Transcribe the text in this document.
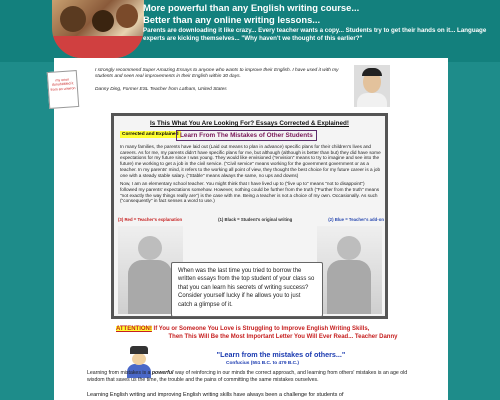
More powerful than any English writing course...
Better than any online writing lessons...
Parents are downloading it like crazy... Every teacher wants a copy... Students try to get their hands on it... Language experts are kicking themselves... "Why haven't we thought of this earlier?"
my orion dunuhidded it from an unwron
I strongly recommend Super Amazing Essays to anyone who wants to improve their English. I have used it with my students and seen real improvements in their English within 30 days.
Danny Ding, Former ESL Teacher from Latham, United States
Is This What You Are Looking For? Essays Corrected & Explained!
Corrected and Explained Learn From The Mistakes of Other Students

In many families, the parents have laid out (Laid out means to plan in advance) specific plans for their children's lives and careers. As for me, my parents didn't have specific plans for me, but although (although is better than but) they did have some expectations for my future since I was young. They would like envisioned ("envision" means to try to imagine and see into the future) me working to get a job in the civil service. ("Civil service" means working for the government government or as a teacher. In my parents' mind, it refers to the working all point of view, they thought the best choice for my future career is a job one with a steady stable salary. ("Stable" means always the same, no ups and downs)

Now, I am an elementary school teacher. You might think that I have lived up to ("live up to" means "not to disappoint") followed my parents' expectations somehow. However, nothing could be further from the truth ("Further from the truth" means "not exactly the way things really are") is the case with me. Being a teacher is not a choice of my own. Occasionally. As such ("consequently" in fact senses a word to use.)

(3) Red = Teacher's explanation	(1) Black = Student's original writing	(2) Blue = Teacher's add-on
When was the last time you tried to borrow the written essays from the top student of your class so that you can learn his secrets of writing success? Consider yourself lucky if he allows you to just catch a glimpse of it.
ATTENTION! If You or Someone You Love is Struggling to Improve English Writing Skills,
Then This Will Be the Most Important Letter You Will Ever Read... Teacher Danny
"Learn from the mistakes of others..."
Confucius (551 B.C. to 479 B.C.)
Learning from mistakes is a powerful way of reinforcing in our minds the correct approach, and learning from others' mistakes is an age old wisdom that saves us the time, the trouble and the pains of committing the same mistakes ourselves.
Learning English writing and improving English writing skills have always been a challenge for students of
